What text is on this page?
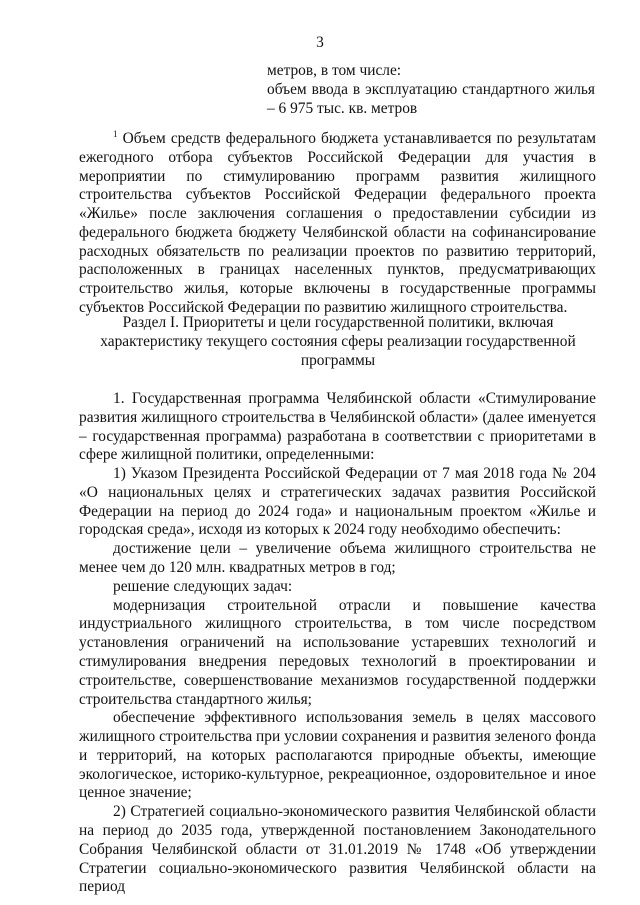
3

метров, в том числе:

объем ввода в эксплуатацию стандартного жилья – 6 975 тыс. кв. метров

$^1$ Объем средств федерального бюджета устанавливается по результатам ежегодного отбора субъектов Российской Федерации для участия в мероприятии по стимулированию программ развития жилищного строительства субъектов Российской Федерации федерального проекта «Жилье» после заключения соглашения о предоставлении субсидии из федерального бюджета бюджету Челябинской области на софинансирование расходных обязательств по реализации проектов по развитию территорий, расположенных в границах населенных пунктов, предусматривающих строительство жилья, которые включены в государственные программы субъектов Российской Федерации по развитию жилищного строительства.

Раздел I. Приоритеты и цели государственной политики, включая характеристику текущего состояния сферы реализации государственной программы

1. Государственная программа Челябинской области «Стимулирование развития жилищного строительства в Челябинской области» (далее именуется – государственная программа) разработана в соответствии с приоритетами в сфере жилищной политики, определенными:

1) Указом Президента Российской Федерации от 7 мая 2018 года № 204 «О национальных целях и стратегических задачах развития Российской Федерации на период до 2024 года» и национальным проектом «Жилье и городская среда», исходя из которых к 2024 году необходимо обеспечить:

достижение цели – увеличение объема жилищного строительства не менее чем до 120 млн. квадратных метров в год;

решение следующих задач:

модернизация строительной отрасли и повышение качества индустриального жилищного строительства, в том числе посредством установления ограничений на использование устаревших технологий и стимулирования внедрения передовых технологий в проектировании и строительстве, совершенствование механизмов государственной поддержки строительства стандартного жилья;

обеспечение эффективного использования земель в целях массового жилищного строительства при условии сохранения и развития зеленого фонда и территорий, на которых располагаются природные объекты, имеющие экологическое, историко-культурное, рекреационное, оздоровительное и иное ценное значение;

2) Стратегией социально-экономического развития Челябинской области на период до 2035 года, утвержденной постановлением Законодательного Собрания Челябинской области от 31.01.2019 № 1748 «Об утверждении Стратегии социально-экономического развития Челябинской области на период
